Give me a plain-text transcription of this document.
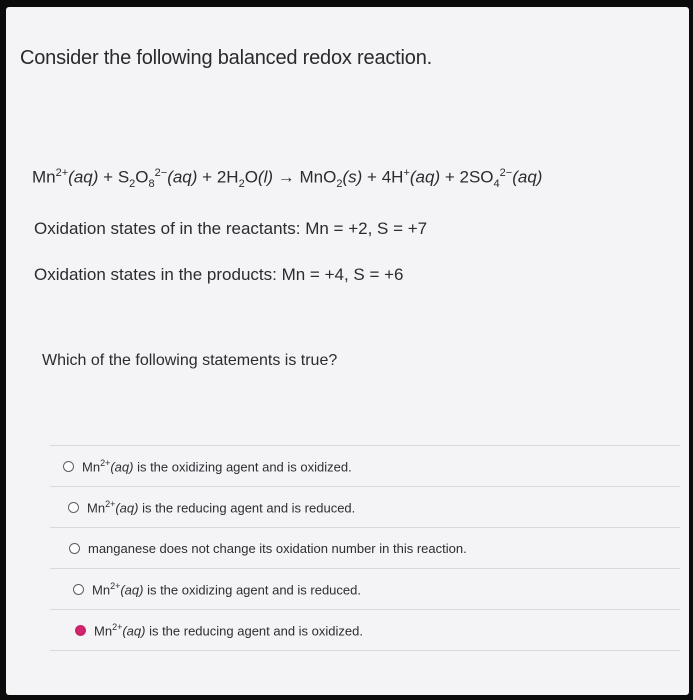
Consider the following balanced redox reaction.
$Mn^{2+}(aq) + S_2O_8^{2-}(aq) + 2H_2O(l) \to MnO_2(s) + 4H^+(aq) + 2SO_4^{2-}(aq)$
Oxidation states of in the reactants: Mn = +2, S = +7
Oxidation states in the products: Mn = +4, S = +6
Which of the following statements is true?
$Mn^{2+}(aq)$ is the oxidizing agent and is oxidized.
$Mn^{2+}(aq)$ is the reducing agent and is reduced.
manganese does not change its oxidation number in this reaction.
$Mn^{2+}(aq)$ is the oxidizing agent and is reduced.
$Mn^{2+}(aq)$ is the reducing agent and is oxidized.
